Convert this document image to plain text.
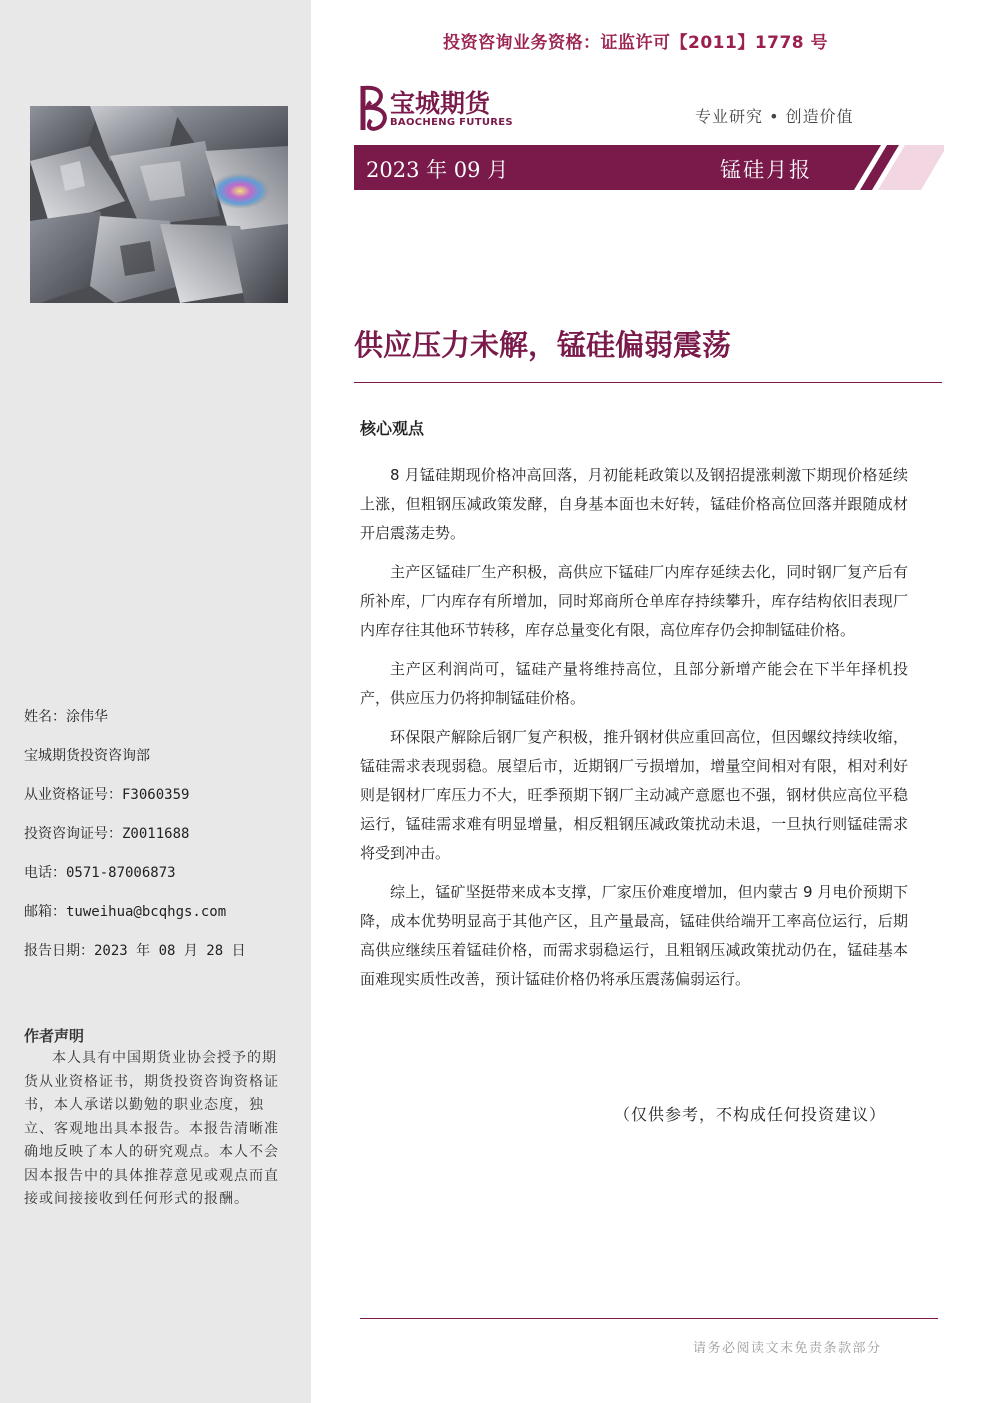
姓名：涂伟华
宝城期货投资咨询部
从业资格证号：F3060359
投资咨询证号：Z0011688
电话：0571-87006873
邮箱：tuweihua@bcqhgs.com
报告日期：2023 年 08 月 28 日
作者声明
本人具有中国期货业协会授予的期货从业资格证书，期货投资咨询资格证书，本人承诺以勤勉的职业态度，独立、客观地出具本报告。本报告清晰准确地反映了本人的研究观点。本人不会因本报告中的具体推荐意见或观点而直接或间接接收到任何形式的报酬。
投资咨询业务资格：证监许可【2011】1778 号
宝城期货
BAOCHENG FUTURES	专业研究 • 创造价值
2023 年 09 月	锰硅月报
供应压力未解，锰硅偏弱震荡
核心观点

8 月锰硅期现价格冲高回落，月初能耗政策以及钢招提涨刺激下期现价格延续上涨，但粗钢压减政策发酵，自身基本面也未好转，锰硅价格高位回落并跟随成材开启震荡走势。

主产区锰硅厂生产积极，高供应下锰硅厂内库存延续去化，同时钢厂复产后有所补库，厂内库存有所增加，同时郑商所仓单库存持续攀升，库存结构依旧表现厂内库存往其他环节转移，库存总量变化有限，高位库存仍会抑制锰硅价格。

主产区利润尚可，锰硅产量将维持高位，且部分新增产能会在下半年择机投产，供应压力仍将抑制锰硅价格。

环保限产解除后钢厂复产积极，推升钢材供应重回高位，但因螺纹持续收缩，锰硅需求表现弱稳。展望后市，近期钢厂亏损增加，增量空间相对有限，相对利好则是钢材厂库压力不大，旺季预期下钢厂主动减产意愿也不强，钢材供应高位平稳运行，锰硅需求难有明显增量，相反粗钢压减政策扰动未退，一旦执行则锰硅需求将受到冲击。

综上，锰矿坚挺带来成本支撑，厂家压价难度增加，但内蒙古 9 月电价预期下降，成本优势明显高于其他产区，且产量最高，锰硅供给端开工率高位运行，后期高供应继续压着锰硅价格，而需求弱稳运行，且粗钢压减政策扰动仍在，锰硅基本面难现实质性改善，预计锰硅价格仍将承压震荡偏弱运行。

（仅供参考，不构成任何投资建议）
请务必阅读文末免责条款部分
